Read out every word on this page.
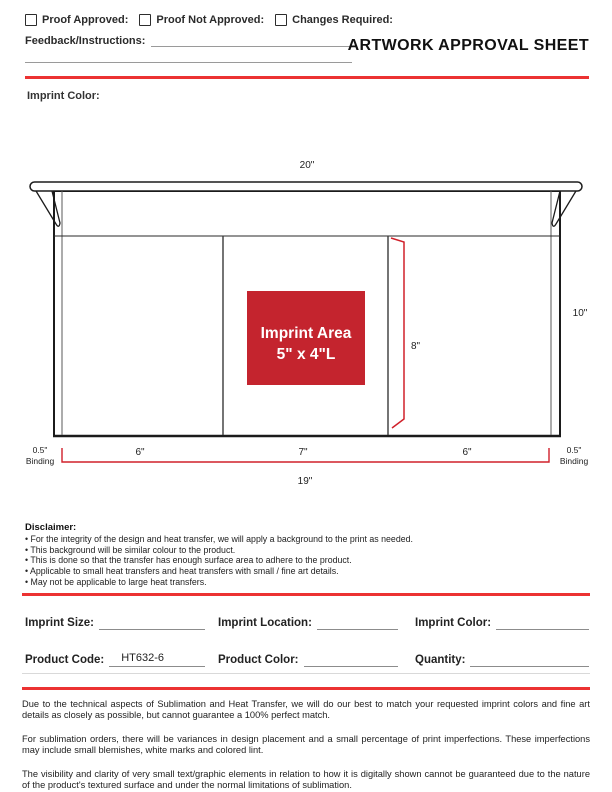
Proof Approved:	Proof Not Approved:	Changes Required:
Feedback/Instructions:	ARTWORK APPROVAL SHEET
Imprint Color:
20"
Imprint Area
5" x 4"L	8"
10"
0.5"
Binding
6"	7"	6"	0.5"
Binding
19"

Disclaimer:

• For the integrity of the design and heat transfer, we will apply a background to the print as needed.
• This background will be similar colour to the product.
• This is done so that the transfer has enough surface area to adhere to the product.
• Applicable to small heat transfers and heat transfers with small / fine art details.
• May not be applicable to large heat transfers.
Imprint Size:	Imprint Location:	Imprint Color:
Product Code:	HT632-6	Product Color:	Quantity:

Due to the technical aspects of Sublimation and Heat Transfer, we will do our best to match your requested imprint colors and fine art details as closely as possible, but cannot guarantee a 100% perfect match.

For sublimation orders, there will be variances in design placement and a small percentage of print imperfections. These imperfections may include small blemishes, white marks and colored lint.

The visibility and clarity of very small text/graphic elements in relation to how it is digitally shown cannot be guaranteed due to the nature of the product's textured surface and under the normal limitations of sublimation.
